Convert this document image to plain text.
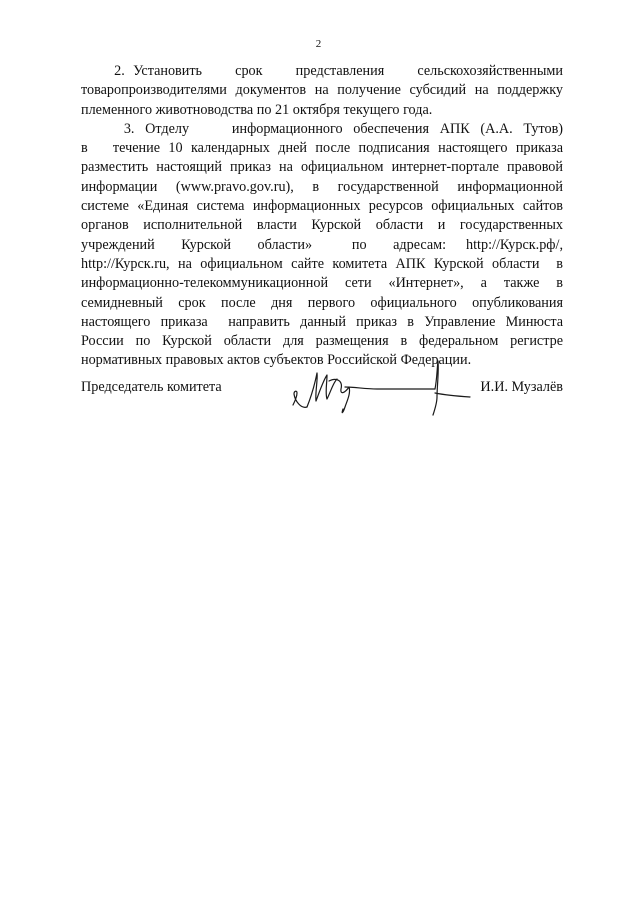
2
2. Установить    срок    представления    сельскохозяйственными
товаропроизводителями документов на получение субсидий на поддержку
племенного животноводства по 21 октября текущего года.
3. Отделу    информационного обеспечения АПК (А.А. Тутов)
в   течение 10 календарных дней после подписания настоящего приказа
разместить настоящий приказ на официальном интернет-портале правовой
информации (www.pravo.gov.ru), в государственной информационной
системе «Единая система информационных ресурсов официальных сайтов
органов исполнительной власти Курской области и государственных
учреждений    Курской    области»      по    адресам:   http://Курск.рф/,
http://Курск.ru, на официальном сайте комитета АПК Курской области  в
информационно-телекоммуникационной сети «Интернет», а также в
семидневный срок после дня первого официального опубликования
настоящего приказа  направить данный приказ в Управление Минюста
России по Курской области для размещения в федеральном регистре
нормативных правовых актов субъектов Российской Федерации.
Председатель комитета	И.И. Музалёв
